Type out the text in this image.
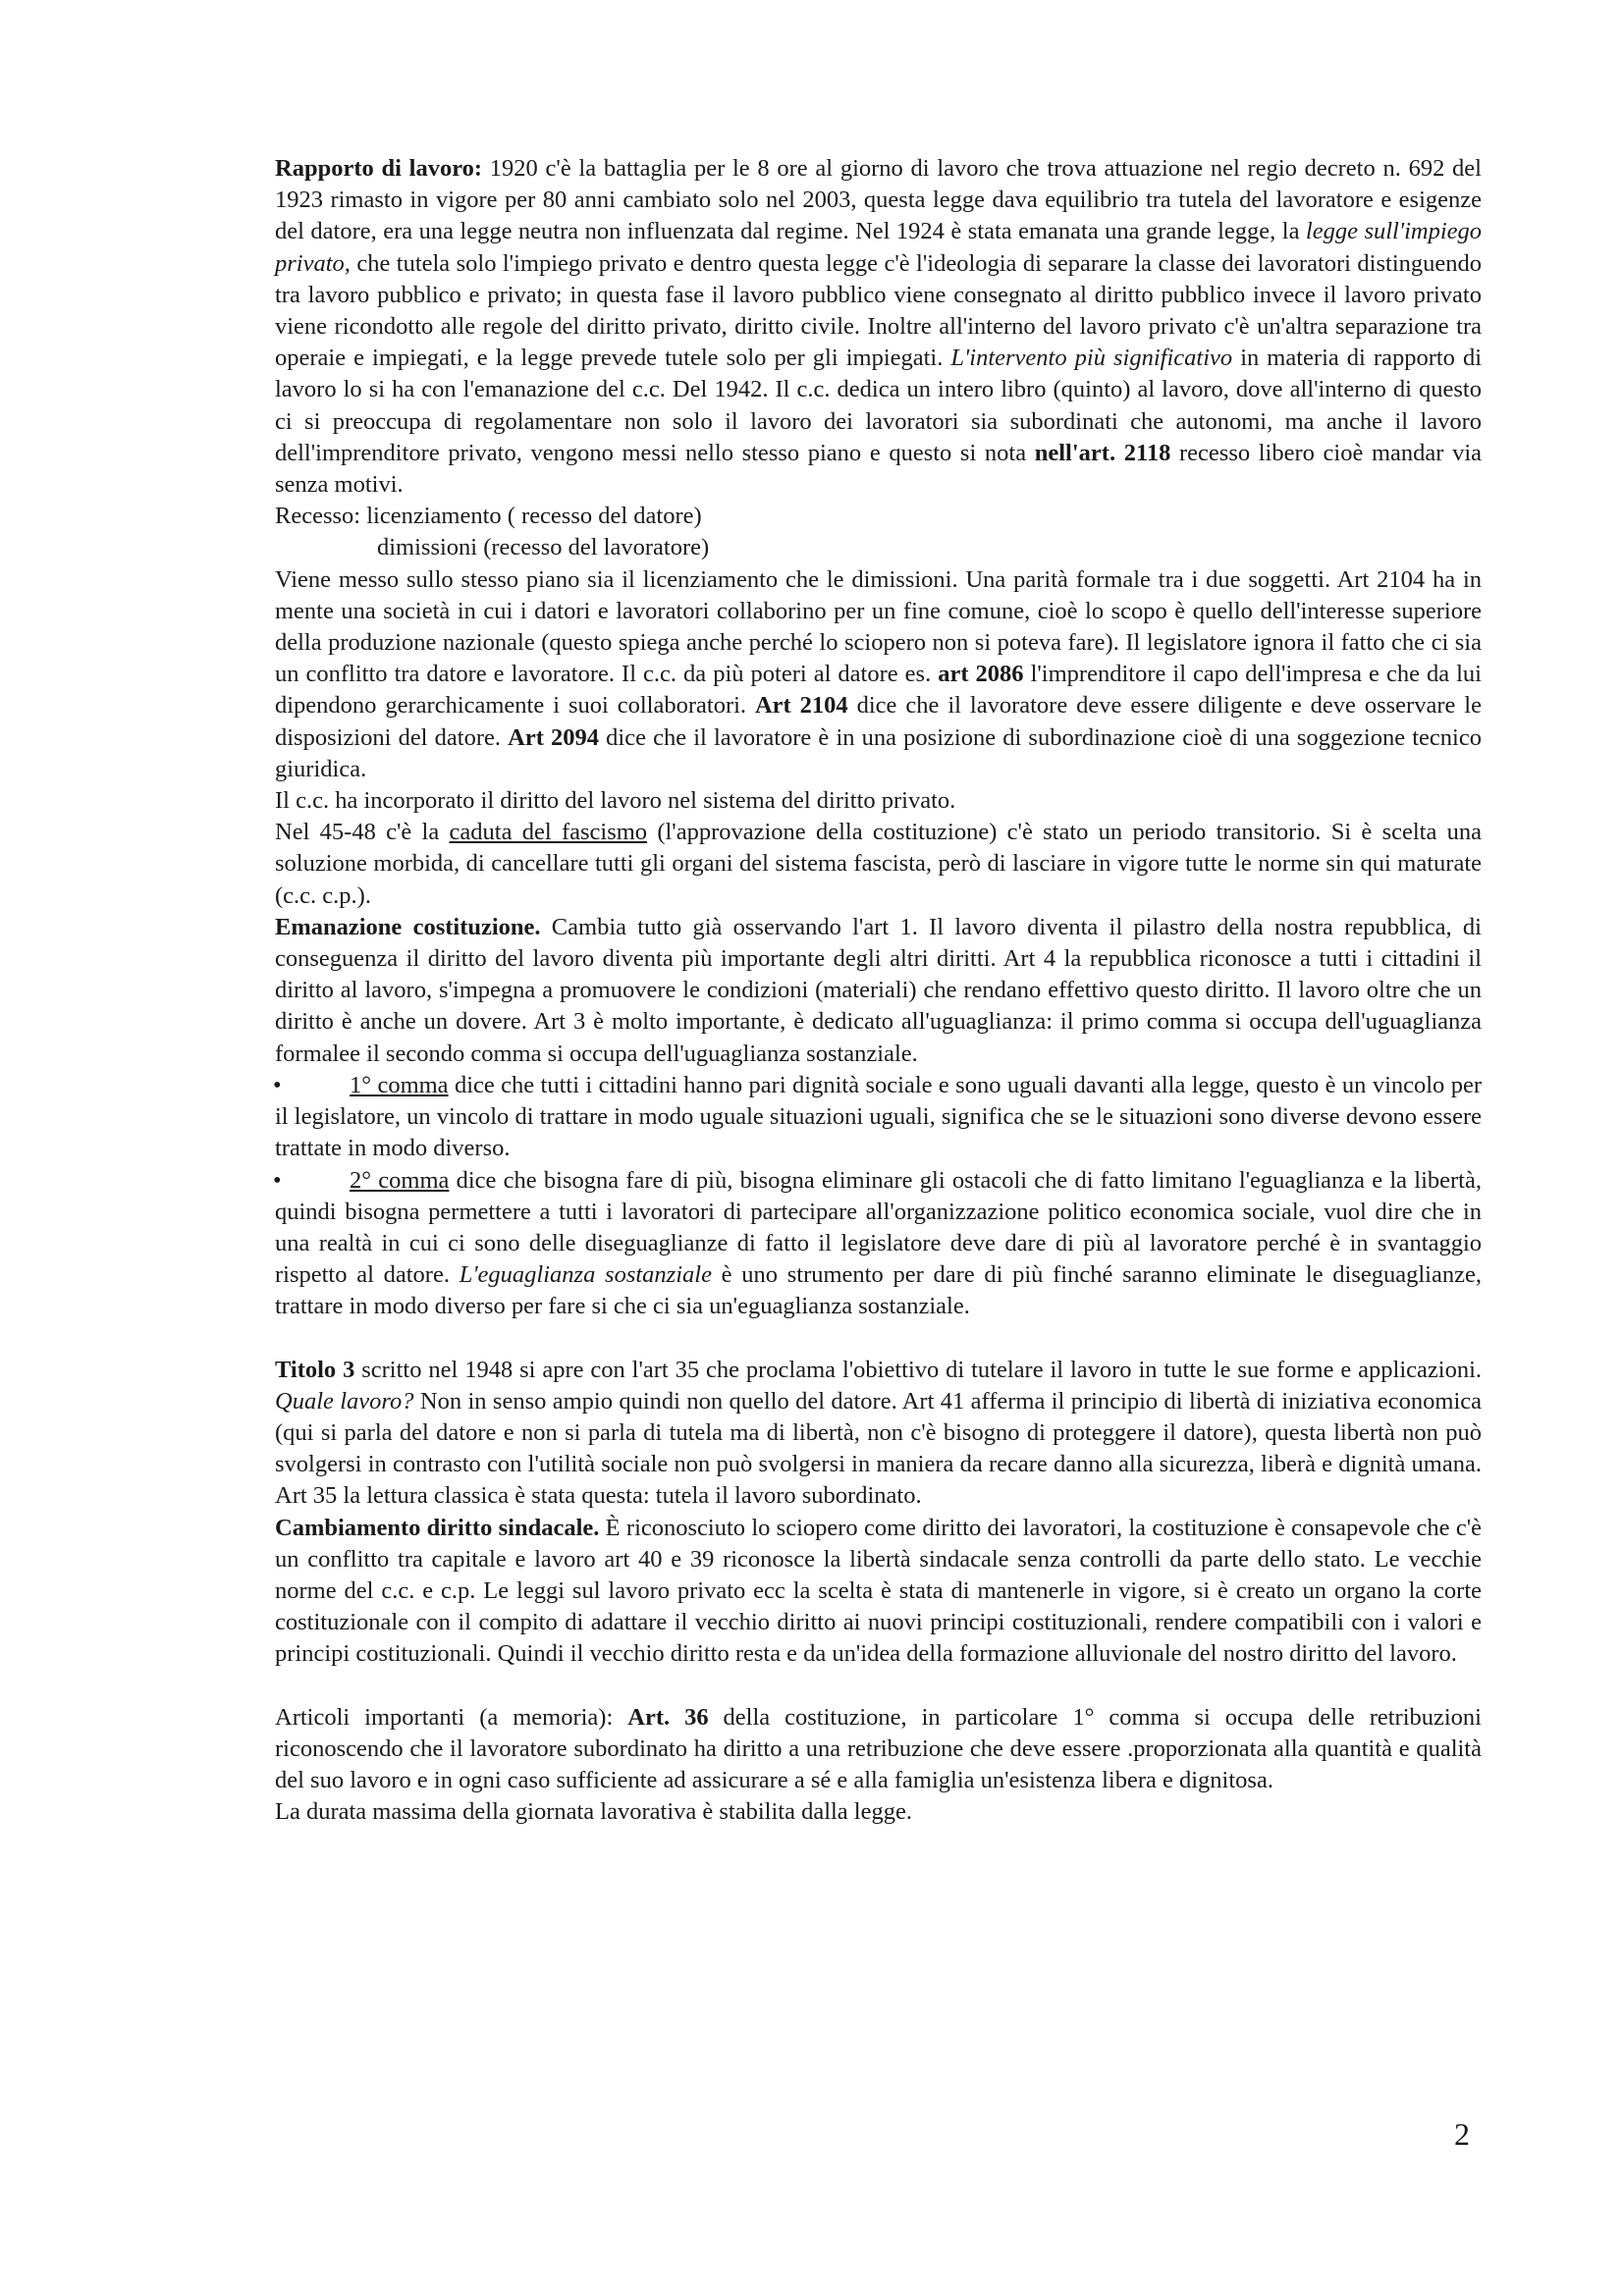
Rapporto di lavoro: 1920 c'è la battaglia per le 8 ore al giorno di lavoro che trova attuazione nel regio decreto n. 692 del 1923 rimasto in vigore per 80 anni cambiato solo nel 2003, questa legge dava equilibrio tra tutela del lavoratore e esigenze del datore, era una legge neutra non influenzata dal regime. Nel 1924 è stata emanata una grande legge, la legge sull'impiego privato, che tutela solo l'impiego privato e dentro questa legge c'è l'ideologia di separare la classe dei lavoratori distinguendo tra lavoro pubblico e privato; in questa fase il lavoro pubblico viene consegnato al diritto pubblico invece il lavoro privato viene ricondotto alle regole del diritto privato, diritto civile. Inoltre all'interno del lavoro privato c'è un'altra separazione tra operaie e impiegati, e la legge prevede tutele solo per gli impiegati. L'intervento più significativo in materia di rapporto di lavoro lo si ha con l'emanazione del c.c. Del 1942. Il c.c. dedica un intero libro (quinto) al lavoro, dove all'interno di questo ci si preoccupa di regolamentare non solo il lavoro dei lavoratori sia subordinati che autonomi, ma anche il lavoro dell'imprenditore privato, vengono messi nello stesso piano e questo si nota nell'art. 2118 recesso libero cioè mandar via senza motivi.

Recesso: licenziamento ( recesso del datore)

dimissioni (recesso del lavoratore)

Viene messo sullo stesso piano sia il licenziamento che le dimissioni. Una parità formale tra i due soggetti. Art 2104 ha in mente una società in cui i datori e lavoratori collaborino per un fine comune, cioè lo scopo è quello dell'interesse superiore della produzione nazionale (questo spiega anche perché lo sciopero non si poteva fare). Il legislatore ignora il fatto che ci sia un conflitto tra datore e lavoratore. Il c.c. da più poteri al datore es. art 2086 l'imprenditore il capo dell'impresa e che da lui dipendono gerarchicamente i suoi collaboratori. Art 2104 dice che il lavoratore deve essere diligente e deve osservare le disposizioni del datore. Art 2094 dice che il lavoratore è in una posizione di subordinazione cioè di una soggezione tecnico giuridica.

Il c.c. ha incorporato il diritto del lavoro nel sistema del diritto privato.

Nel 45-48 c'è la caduta del fascismo (l'approvazione della costituzione) c'è stato un periodo transitorio. Si è scelta una soluzione morbida, di cancellare tutti gli organi del sistema fascista, però di lasciare in vigore tutte le norme sin qui maturate (c.c. c.p.).

Emanazione costituzione. Cambia tutto già osservando l'art 1. Il lavoro diventa il pilastro della nostra repubblica, di conseguenza il diritto del lavoro diventa più importante degli altri diritti. Art 4 la repubblica riconosce a tutti i cittadini il diritto al lavoro, s'impegna a promuovere le condizioni (materiali) che rendano effettivo questo diritto. Il lavoro oltre che un diritto è anche un dovere. Art 3 è molto importante, è dedicato all'uguaglianza: il primo comma si occupa dell'uguaglianza formalee il secondo comma si occupa dell'uguaglianza sostanziale.

•	1° comma dice che tutti i cittadini hanno pari dignità sociale e sono uguali davanti alla legge, questo è un vincolo per il legislatore, un vincolo di trattare in modo uguale situazioni uguali, significa che se le situazioni sono diverse devono essere trattate in modo diverso.

•	2° comma dice che bisogna fare di più, bisogna eliminare gli ostacoli che di fatto limitano l'eguaglianza e la libertà, quindi bisogna permettere a tutti i lavoratori di partecipare all'organizzazione politico economica sociale, vuol dire che in una realtà in cui ci sono delle diseguaglianze di fatto il legislatore deve dare di più al lavoratore perché è in svantaggio rispetto al datore. L'eguaglianza sostanziale è uno strumento per dare di più finché saranno eliminate le diseguaglianze, trattare in modo diverso per fare si che ci sia un'eguaglianza sostanziale.

Titolo 3 scritto nel 1948 si apre con l'art 35 che proclama l'obiettivo di tutelare il lavoro in tutte le sue forme e applicazioni. Quale lavoro? Non in senso ampio quindi non quello del datore. Art 41 afferma il principio di libertà di iniziativa economica (qui si parla del datore e non si parla di tutela ma di libertà, non c'è bisogno di proteggere il datore), questa libertà non può svolgersi in contrasto con l'utilità sociale non può svolgersi in maniera da recare danno alla sicurezza, liberà e dignità umana. Art 35 la lettura classica è stata questa: tutela il lavoro subordinato.

Cambiamento diritto sindacale. È riconosciuto lo sciopero come diritto dei lavoratori, la costituzione è consapevole che c'è un conflitto tra capitale e lavoro art 40 e 39 riconosce la libertà sindacale senza controlli da parte dello stato. Le vecchie norme del c.c. e c.p. Le leggi sul lavoro privato ecc la scelta è stata di mantenerle in vigore, si è creato un organo la corte costituzionale con il compito di adattare il vecchio diritto ai nuovi principi costituzionali, rendere compatibili con i valori e principi costituzionali. Quindi il vecchio diritto resta e da un'idea della formazione alluvionale del nostro diritto del lavoro.

Articoli importanti (a memoria): Art. 36 della costituzione, in particolare 1° comma si occupa delle retribuzioni riconoscendo che il lavoratore subordinato ha diritto a una retribuzione che deve essere .proporzionata alla quantità e qualità del suo lavoro e in ogni caso sufficiente ad assicurare a sé e alla famiglia un'esistenza libera e dignitosa.

La durata massima della giornata lavorativa è stabilita dalla legge.

2
